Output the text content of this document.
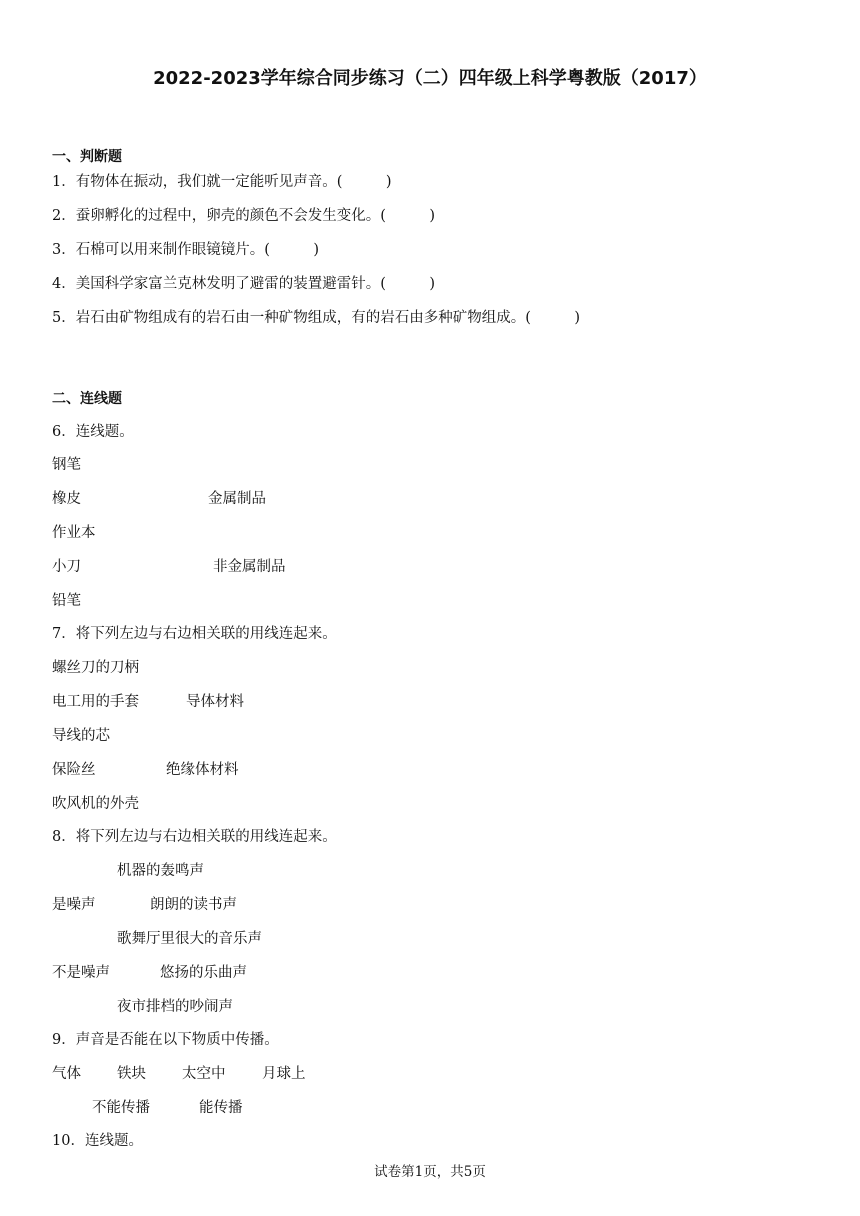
2022-2023学年综合同步练习（二）四年级上科学粤教版（2017）
一、判断题
1．有物体在振动，我们就一定能听见声音。(　　　)
2．蚕卵孵化的过程中，卵壳的颜色不会发生变化。(　　　)
3．石棉可以用来制作眼镜镜片。(　　　)
4．美国科学家富兰克林发明了避雷的装置避雷针。(　　　)
5．岩石由矿物组成有的岩石由一种矿物组成，有的岩石由多种矿物组成。(　　　)
二、连线题
6．连线题。
钢笔
橡皮	金属制品
作业本
小刀	非金属制品
铅笔
7．将下列左边与右边相关联的用线连起来。
螺丝刀的刀柄
电工用的手套	导体材料
导线的芯
保险丝	绝缘体材料
吹风机的外壳
8．将下列左边与右边相关联的用线连起来。
机器的轰鸣声
是噪声	朗朗的读书声
歌舞厅里很大的音乐声
不是噪声	悠扬的乐曲声
夜市排档的吵闹声
9．声音是否能在以下物质中传播。
气体 铁块 太空中	月球上
不能传播	能传播
10．连线题。
试卷第1页，共5页
